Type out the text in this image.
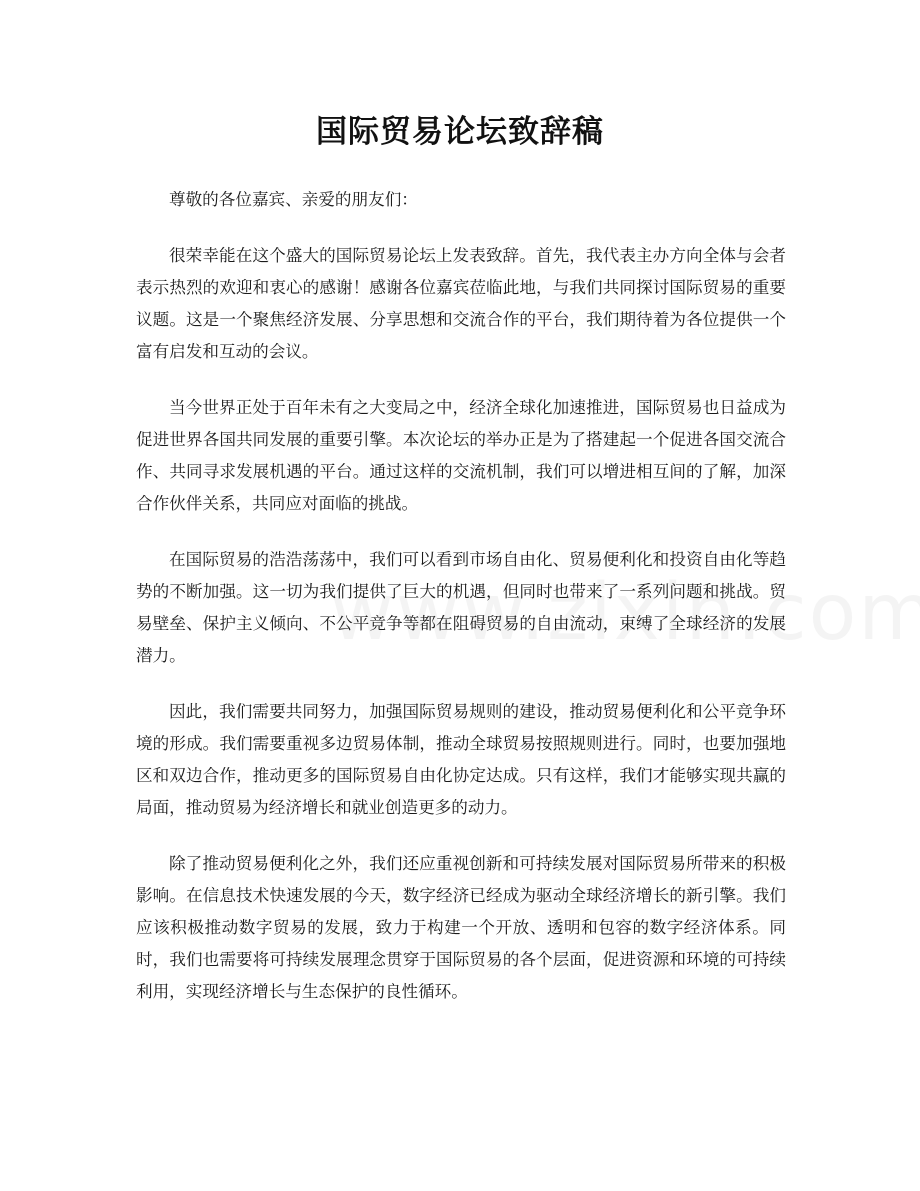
国际贸易论坛致辞稿

尊敬的各位嘉宾、亲爱的朋友们：

很荣幸能在这个盛大的国际贸易论坛上发表致辞。首先，我代表主办方向全体与会者表示热烈的欢迎和衷心的感谢！感谢各位嘉宾莅临此地，与我们共同探讨国际贸易的重要议题。这是一个聚焦经济发展、分享思想和交流合作的平台，我们期待着为各位提供一个富有启发和互动的会议。

当今世界正处于百年未有之大变局之中，经济全球化加速推进，国际贸易也日益成为促进世界各国共同发展的重要引擎。本次论坛的举办正是为了搭建起一个促进各国交流合作、共同寻求发展机遇的平台。通过这样的交流机制，我们可以增进相互间的了解，加深合作伙伴关系，共同应对面临的挑战。

在国际贸易的浩浩荡荡中，我们可以看到市场自由化、贸易便利化和投资自由化等趋势的不断加强。这一切为我们提供了巨大的机遇，但同时也带来了一系列问题和挑战。贸易壁垒、保护主义倾向、不公平竞争等都在阻碍贸易的自由流动，束缚了全球经济的发展潜力。

因此，我们需要共同努力，加强国际贸易规则的建设，推动贸易便利化和公平竞争环境的形成。我们需要重视多边贸易体制，推动全球贸易按照规则进行。同时，也要加强地区和双边合作，推动更多的国际贸易自由化协定达成。只有这样，我们才能够实现共赢的局面，推动贸易为经济增长和就业创造更多的动力。

除了推动贸易便利化之外，我们还应重视创新和可持续发展对国际贸易所带来的积极影响。在信息技术快速发展的今天，数字经济已经成为驱动全球经济增长的新引擎。我们应该积极推动数字贸易的发展，致力于构建一个开放、透明和包容的数字经济体系。同时，我们也需要将可持续发展理念贯穿于国际贸易的各个层面，促进资源和环境的可持续利用，实现经济增长与生态保护的良性循环。
